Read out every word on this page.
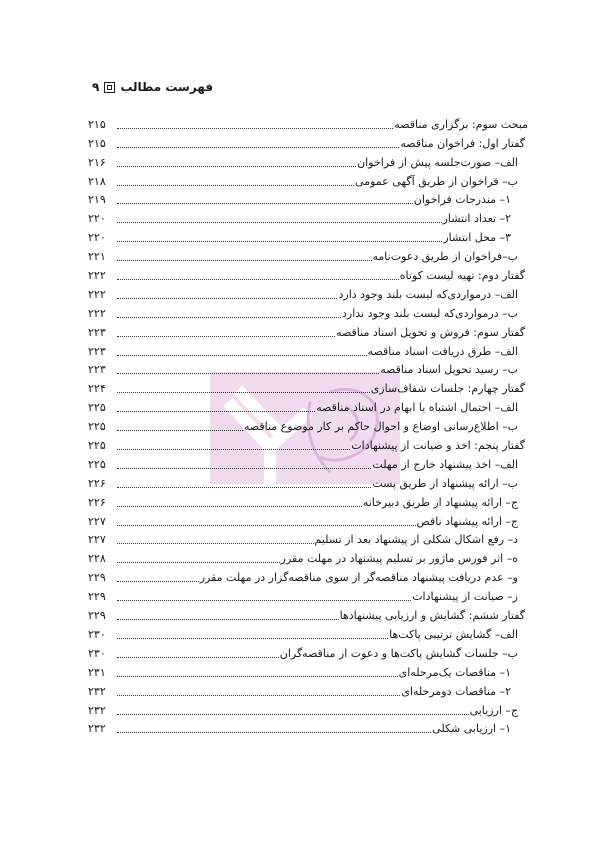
فهرست مطالب
۹
مبحث سوم: برگزاری مناقصه
۲۱۵
گفتار اول: فراخوان مناقصه
۲۱۵
الف– صورت‌جلسه پیش از فراخوان
۲۱۶
ب– فراخوان از طریق آگهی عمومی
۲۱۸
۱– مندرجات فراخوان
۲۱۹
۲– تعداد انتشار
۲۲۰
۳– محل انتشار
۲۲۰
ب–فراخوان از طریق دعوت‌نامه
۲۲۱
گفتار دوم: تهیه لیست کوتاه
۲۲۲
الف– درمواردی‌که لیست بلند وجود دارد
۲۲۲
ب– درمواردی‌که لیست بلند وجود ندارد
۲۲۲
گفتار سوم: فروش و تحویل اسناد مناقصه
۲۲۳
الف– طرق دریافت اسناد مناقصه
۲۲۳
ب– رسید تحویل اسناد مناقصه
۲۲۳
گفتار چهارم: جلسات شفاف‌سازی
۲۲۴
الف– احتمال اشتباه یا ابهام در اسناد مناقصه
۲۲۵
ب– اطلاع‌رسانی اوضاع و احوال حاکم بر کار موضوع مناقصه
۲۲۵
گفتار پنجم: اخذ و صیانت از پیشنهادات
۲۲۵
الف– اخذ پیشنهاد خارج از مهلت
۲۲۵
ب– ارائه پیشنهاد از طریق پست
۲۲۶
ج– ارائه پیشنهاد از طریق دبیرخانه
۲۲۶
ج– ارائه پیشنهاد ناقص
۲۲۷
د– رفع اشکال شکلی از پیشنهاد بعد از تسلیم
۲۲۷
ه– اثر فورس ماژور بر تسلیم پیشنهاد در مهلت مقرر
۲۲۸
و– عدم دریافت پیشنهاد مناقصه‌گر از سوی مناقصه‌گزار در مهلت مقرر
۲۲۹
ز– صیانت از پیشنهادات
۲۲۹
گفتار ششم: گشایش و ارزیابی پیشنهادها
۲۲۹
الف– گشایش ترتیبی پاکت‌ها
۲۳۰
ب– جلسات گشایش پاکت‌ها و دعوت از مناقصه‌گران
۲۳۰
۱– مناقصات یک‌مرحله‌ای
۲۳۱
۲– مناقصات دومرحله‌ای
۲۳۲
ج– ارزیابی
۲۳۲
۱– ارزیابی شکلی
۲۳۲
